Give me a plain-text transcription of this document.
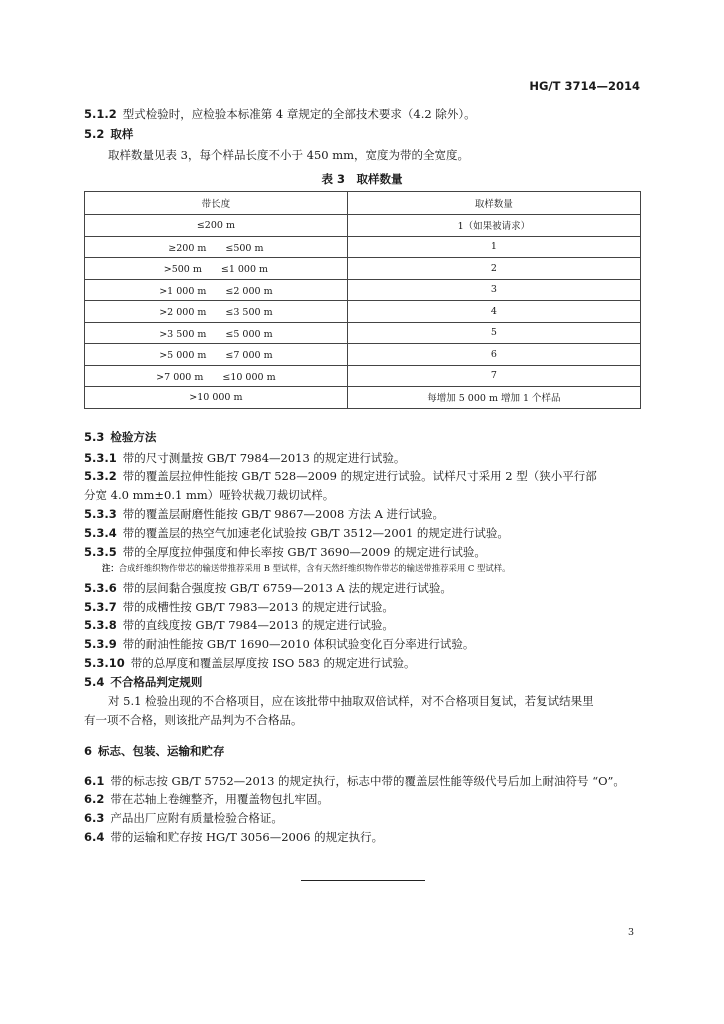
HG/T 3714—2014
5.1.2 型式检验时，应检验本标准第 4 章规定的全部技术要求（4.2 除外）。
5.2 取样
取样数量见表 3，每个样品长度不小于 450 mm，宽度为带的全宽度。
表 3　取样数量
带长度	取样数量
≤200 m	1（如果被请求）
≥200 m　　≤500 m	1
>500 m　　≤1 000 m	2
>1 000 m　　≤2 000 m	3
>2 000 m　　≤3 500 m	4
>3 500 m　　≤5 000 m	5
>5 000 m　　≤7 000 m	6
>7 000 m　　≤10 000 m	7
>10 000 m	每增加 5 000 m 增加 1 个样品
5.3 检验方法
5.3.1 带的尺寸测量按 GB/T 7984—2013 的规定进行试验。
5.3.2 带的覆盖层拉伸性能按 GB/T 528—2009 的规定进行试验。试样尺寸采用 2 型（狭小平行部
分宽 4.0 mm±0.1 mm）哑铃状裁刀裁切试样。
5.3.3 带的覆盖层耐磨性能按 GB/T 9867—2008 方法 A 进行试验。
5.3.4 带的覆盖层的热空气加速老化试验按 GB/T 3512—2001 的规定进行试验。
5.3.5 带的全厚度拉伸强度和伸长率按 GB/T 3690—2009 的规定进行试验。
注：合成纤维织物作带芯的输送带推荐采用 B 型试样，含有天然纤维织物作带芯的输送带推荐采用 C 型试样。
5.3.6 带的层间黏合强度按 GB/T 6759—2013 A 法的规定进行试验。
5.3.7 带的成槽性按 GB/T 7983—2013 的规定进行试验。
5.3.8 带的直线度按 GB/T 7984—2013 的规定进行试验。
5.3.9 带的耐油性能按 GB/T 1690—2010 体积试验变化百分率进行试验。
5.3.10 带的总厚度和覆盖层厚度按 ISO 583 的规定进行试验。
5.4 不合格品判定规则
对 5.1 检验出现的不合格项目，应在该批带中抽取双倍试样，对不合格项目复试，若复试结果里
有一项不合格，则该批产品判为不合格品。
6 标志、包装、运输和贮存
6.1 带的标志按 GB/T 5752—2013 的规定执行，标志中带的覆盖层性能等级代号后加上耐油符号 “O”。
6.2 带在芯轴上卷缠整齐，用覆盖物包扎牢固。
6.3 产品出厂应附有质量检验合格证。
6.4 带的运输和贮存按 HG/T 3056—2006 的规定执行。
3
